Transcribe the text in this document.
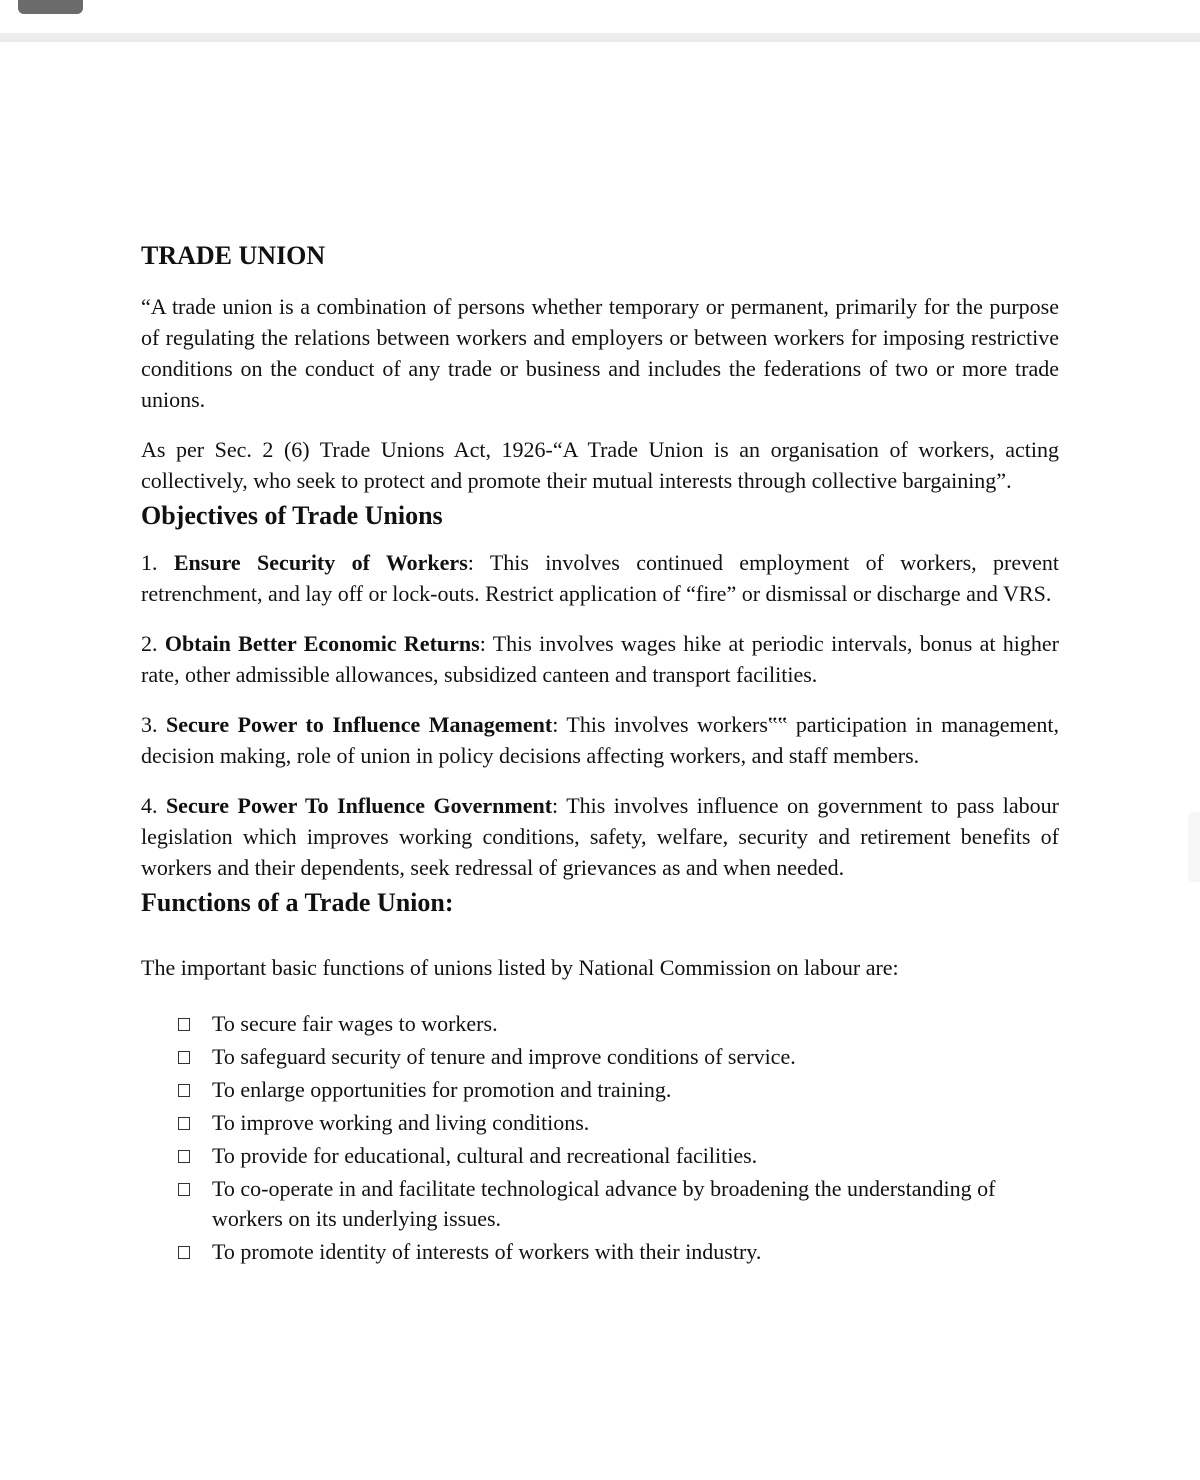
TRADE UNION

“A trade union is a combination of persons whether temporary or permanent, primarily for the purpose of regulating the relations between workers and employers or between workers for imposing restrictive conditions on the conduct of any trade or business and includes the federations of two or more trade unions.

As per Sec. 2 (6) Trade Unions Act, 1926-“A Trade Union is an organisation of workers, acting collectively, who seek to protect and promote their mutual interests through collective bargaining”.

Objectives of Trade Unions

1. Ensure Security of Workers: This involves continued employment of workers, prevent retrenchment, and lay off or lock-outs. Restrict application of “fire” or dismissal or discharge and VRS.

2. Obtain Better Economic Returns: This involves wages hike at periodic intervals, bonus at higher rate, other admissible allowances, subsidized canteen and transport facilities.

3. Secure Power to Influence Management: This involves workers‟‟ participation in management, decision making, role of union in policy decisions affecting workers, and staff members.

4. Secure Power To Influence Government: This involves influence on government to pass labour legislation which improves working conditions, safety, welfare, security and retirement benefits of workers and their dependents, seek redressal of grievances as and when needed.

Functions of a Trade Union:

The important basic functions of unions listed by National Commission on labour are:

To secure fair wages to workers.
To safeguard security of tenure and improve conditions of service.
To enlarge opportunities for promotion and training.
To improve working and living conditions.
To provide for educational, cultural and recreational facilities.
To co-operate in and facilitate technological advance by broadening the understanding of workers on its underlying issues.
To promote identity of interests of workers with their industry.
